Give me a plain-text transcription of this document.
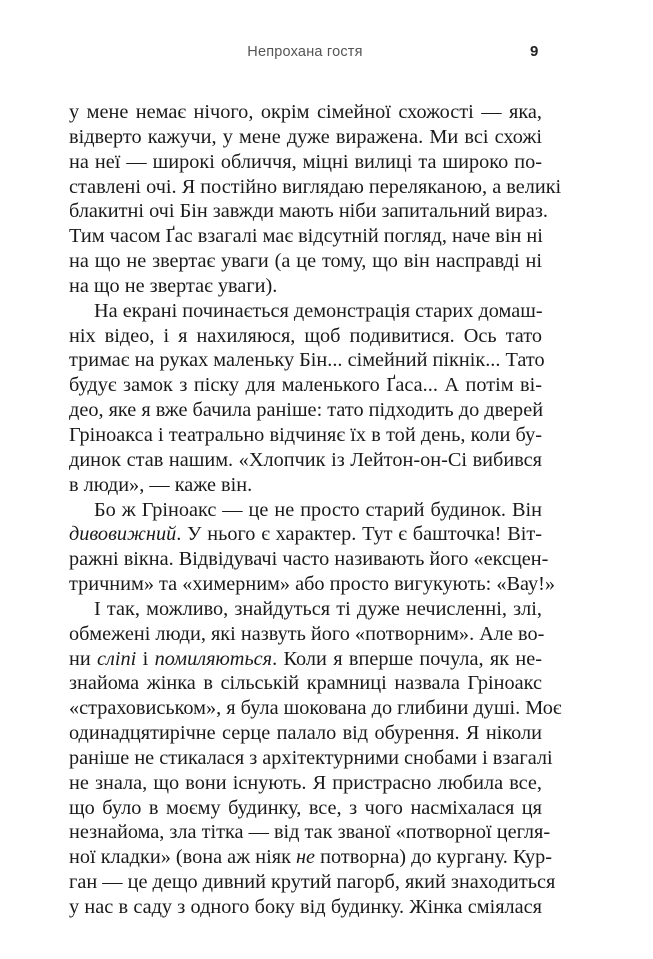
Непрохана гостя	9
у мене немає нічого, окрім сімейної схожості — яка,
відверто кажучи, у мене дуже виражена. Ми всі схожі
на неї — широкі обличчя, міцні вилиці та широко по-
ставлені очі. Я постійно виглядаю переляканою, а великі
блакитні очі Бін завжди мають ніби запитальний вираз.
Тим часом Ґас взагалі має відсутній погляд, наче він ні
на що не звертає уваги (а це тому, що він насправді ні
на що не звертає уваги).
На екрані починається демонстрація старих домаш-
ніх відео, і я нахиляюся, щоб подивитися. Ось тато
тримає на руках маленьку Бін... сімейний пікнік... Тато
будує замок з піску для маленького Ґаса... А потім ві-
део, яке я вже бачила раніше: тато підходить до дверей
Гріноакса і театрально відчиняє їх в той день, коли бу-
динок став нашим. «Хлопчик із Лейтон-он-Сі вибився
в люди», — каже він.
Бо ж Гріноакс — це не просто старий будинок. Він
дивовижний. У нього є характер. Тут є башточка! Віт-
ражні вікна. Відвідувачі часто називають його «ексцен-
тричним» та «химерним» або просто вигукують: «Вау!»
І так, можливо, знайдуться ті дуже нечисленні, злі,
обмежені люди, які назвуть його «потворним». Але во-
ни сліпі і помиляються. Коли я вперше почула, як не-
знайома жінка в сільській крамниці назвала Гріноакс
«страховиськом», я була шокована до глибини душі. Моє
одинадцятирічне серце палало від обурення. Я ніколи
раніше не стикалася з архітектурними снобами і взагалі
не знала, що вони існують. Я пристрасно любила все,
що було в моєму будинку, все, з чого насміхалася ця
незнайома, зла тітка — від так званої «потворної цегля-
ної кладки» (вона аж ніяк не потворна) до кургану. Кур-
ган — це дещо дивний крутий пагорб, який знаходиться
у нас в саду з одного боку від будинку. Жінка сміялася
